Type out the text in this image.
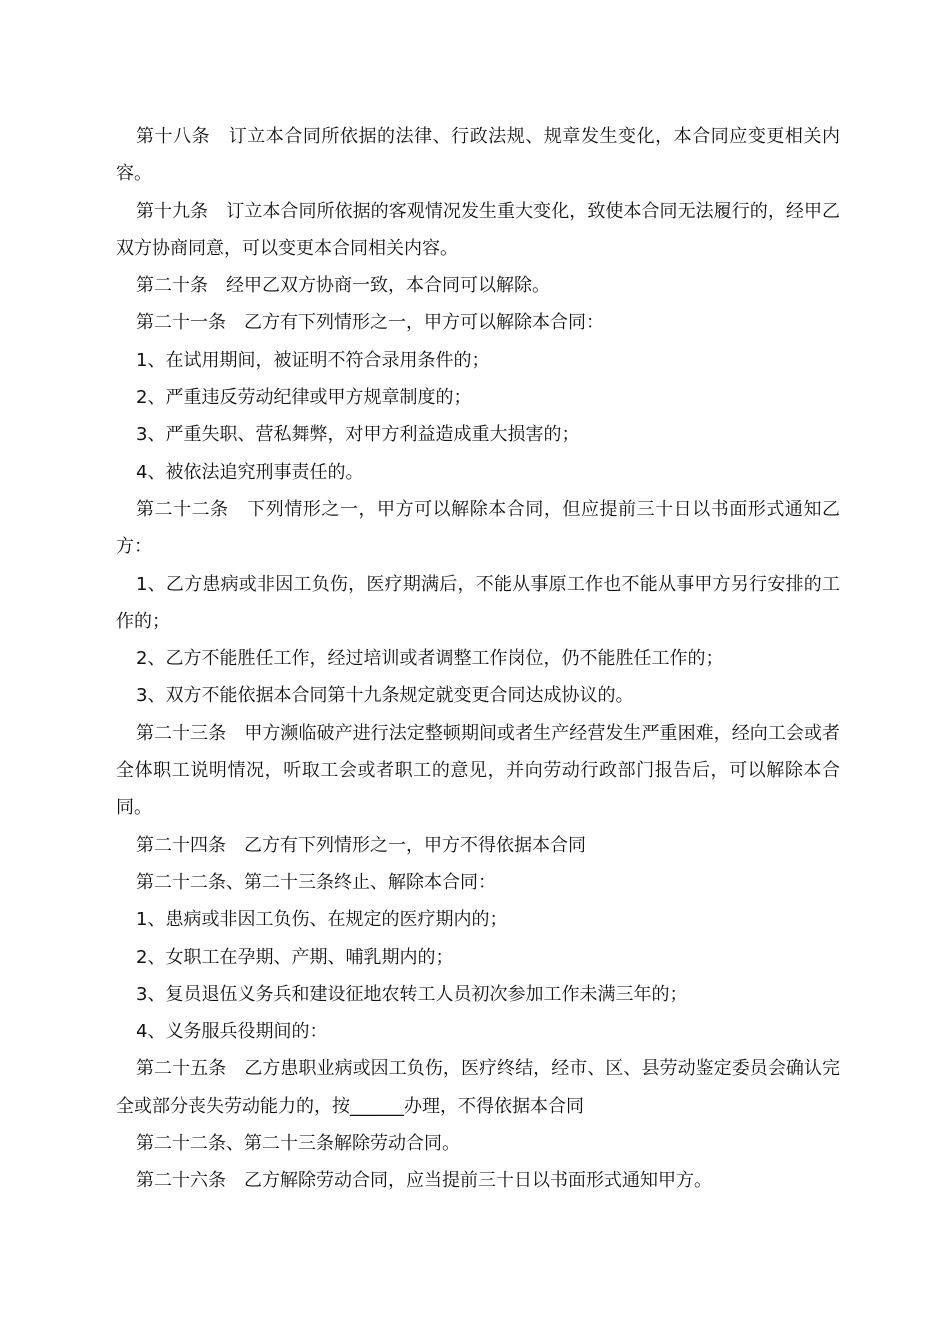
第十八条　订立本合同所依据的法律、行政法规、规章发生变化，本合同应变更相关内容。

第十九条　订立本合同所依据的客观情况发生重大变化，致使本合同无法履行的，经甲乙双方协商同意，可以变更本合同相关内容。

第二十条　经甲乙双方协商一致，本合同可以解除。

第二十一条　乙方有下列情形之一，甲方可以解除本合同：

1、在试用期间，被证明不符合录用条件的；

2、严重违反劳动纪律或甲方规章制度的；

3、严重失职、营私舞弊，对甲方利益造成重大损害的；

4、被依法追究刑事责任的。

第二十二条　下列情形之一，甲方可以解除本合同，但应提前三十日以书面形式通知乙方：

1、乙方患病或非因工负伤，医疗期满后，不能从事原工作也不能从事甲方另行安排的工作的；

2、乙方不能胜任工作，经过培训或者调整工作岗位，仍不能胜任工作的；

3、双方不能依据本合同第十九条规定就变更合同达成协议的。

第二十三条　甲方濒临破产进行法定整顿期间或者生产经营发生严重困难，经向工会或者全体职工说明情况，听取工会或者职工的意见，并向劳动行政部门报告后，可以解除本合同。

第二十四条　乙方有下列情形之一，甲方不得依据本合同

第二十二条、第二十三条终止、解除本合同：

1、患病或非因工负伤、在规定的医疗期内的；

2、女职工在孕期、产期、哺乳期内的；

3、复员退伍义务兵和建设征地农转工人员初次参加工作未满三年的；

4、义务服兵役期间的：

第二十五条　乙方患职业病或因工负伤，医疗终结，经市、区、县劳动鉴定委员会确认完全或部分丧失劳动能力的，按______办理，不得依据本合同

第二十二条、第二十三条解除劳动合同。

第二十六条　乙方解除劳动合同，应当提前三十日以书面形式通知甲方。
